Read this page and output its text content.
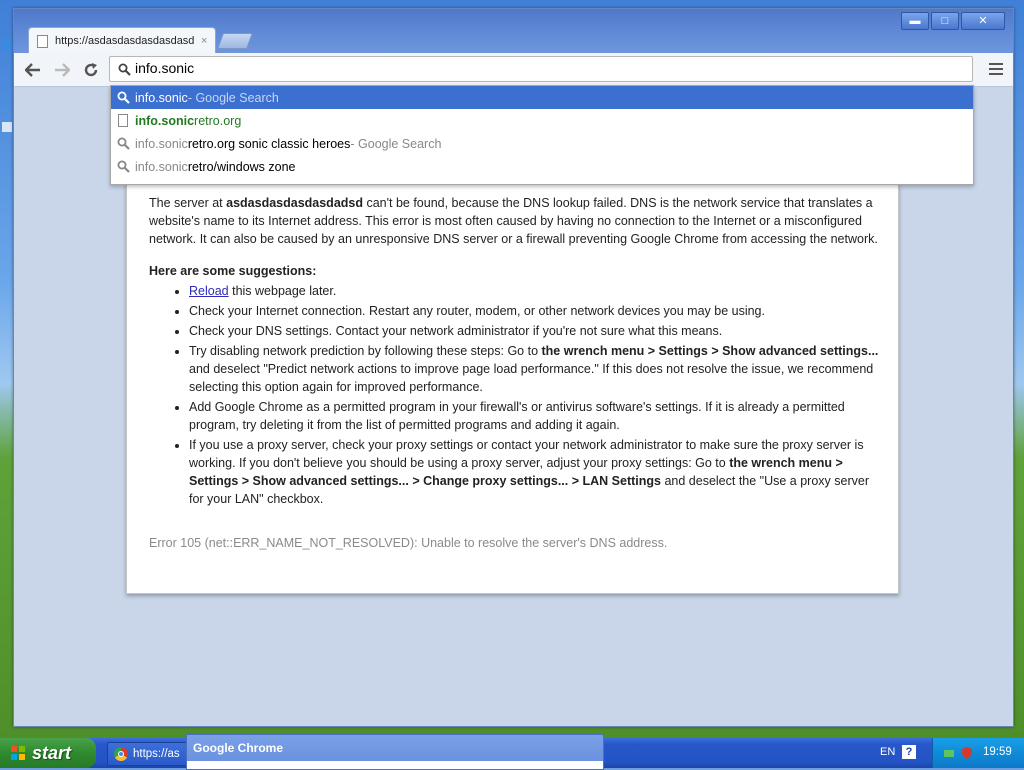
▬	□	✕
https://asdasdasdasdasdasd ×
info.sonic
info.sonic - Google Search
info.sonic retro.org
info.sonic retro.org sonic classic heroes - Google Search
info.sonic retro/windows zone

The server at asdasdasdasdasdadsd can't be found, because the DNS lookup failed. DNS is the network service that translates a website's name to its Internet address. This error is most often caused by having no connection to the Internet or a misconfigured network. It can also be caused by an unresponsive DNS server or a firewall preventing Google Chrome from accessing the network.

Here are some suggestions:
• Reload this webpage later.
• Check your Internet connection. Restart any router, modem, or other network devices you may be using.
• Check your DNS settings. Contact your network administrator if you're not sure what this means.
• Try disabling network prediction by following these steps: Go to the wrench menu > Settings > Show advanced settings... and deselect "Predict network actions to improve page load performance." If this does not resolve the issue, we recommend selecting this option again for improved performance.
• Add Google Chrome as a permitted program in your firewall's or antivirus software's settings. If it is already a permitted program, try deleting it from the list of permitted programs and adding it again.
• If you use a proxy server, check your proxy settings or contact your network administrator to make sure the proxy server is working. If you don't believe you should be using a proxy server, adjust your proxy settings: Go to the wrench menu > Settings > Show advanced settings... > Change proxy settings... > LAN Settings and deselect the "Use a proxy server for your LAN" checkbox.
Error 105 (net::ERR_NAME_NOT_RESOLVED): Unable to resolve the server's DNS address.
start	https://as	EN ?	19:59
Google Chrome
